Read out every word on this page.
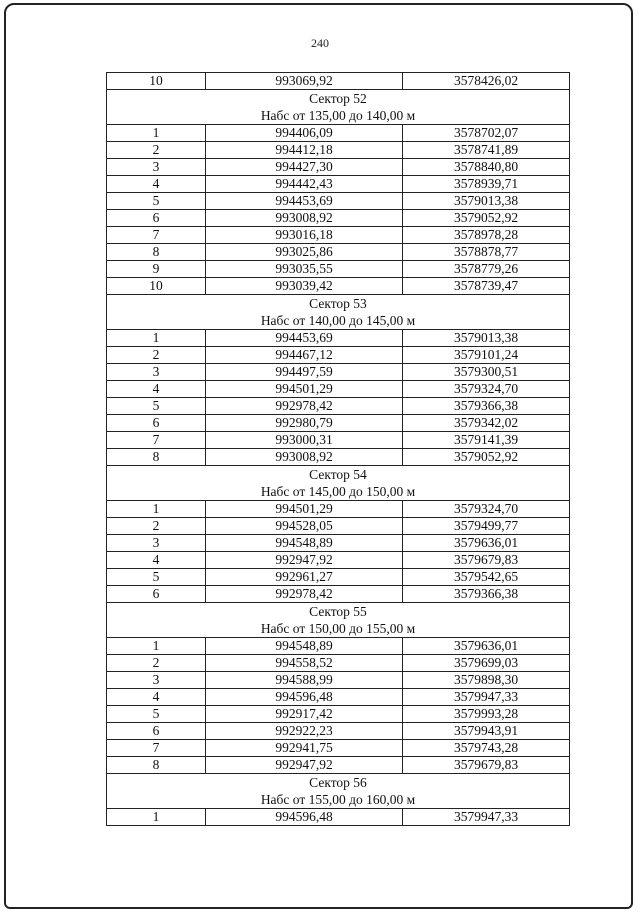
240
10	993069,92	3578426,02

Сектор 52
Набс от 135,00 до 140,00 м		

1	994406,09	3578702,07
2	994412,18	3578741,89
3	994427,30	3578840,80
4	994442,43	3578939,71
5	994453,69	3579013,38
6	993008,92	3579052,92
7	993016,18	3578978,28
8	993025,86	3578878,77
9	993035,55	3578779,26
10	993039,42	3578739,47

Сектор 53
Набс от 140,00 до 145,00 м		

1	994453,69	3579013,38
2	994467,12	3579101,24
3	994497,59	3579300,51
4	994501,29	3579324,70
5	992978,42	3579366,38
6	992980,79	3579342,02
7	993000,31	3579141,39
8	993008,92	3579052,92

Сектор 54
Набс от 145,00 до 150,00 м		

1	994501,29	3579324,70
2	994528,05	3579499,77
3	994548,89	3579636,01
4	992947,92	3579679,83
5	992961,27	3579542,65
6	992978,42	3579366,38

Сектор 55
Набс от 150,00 до 155,00 м		

1	994548,89	3579636,01
2	994558,52	3579699,03
3	994588,99	3579898,30
4	994596,48	3579947,33
5	992917,42	3579993,28
6	992922,23	3579943,91
7	992941,75	3579743,28
8	992947,92	3579679,83

Сектор 56
Набс от 155,00 до 160,00 м		

1	994596,48	3579947,33
